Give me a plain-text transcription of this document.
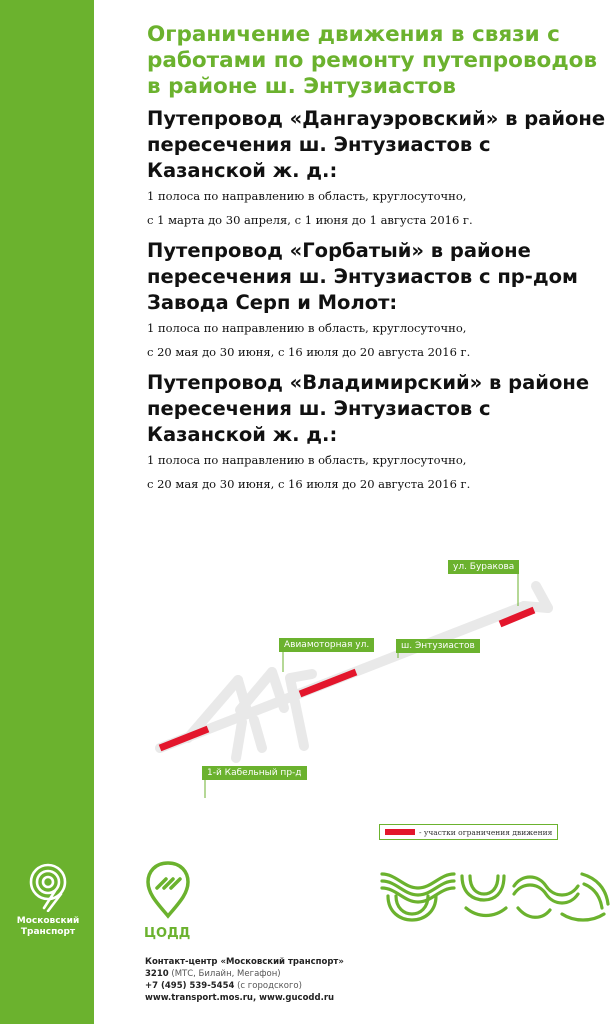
Ограничение движения в связи с работами по ремонту путепроводов в районе ш. Энтузиастов
Путепровод «Дангауэровский» в районе пересечения ш. Энтузиастов с Казанской ж. д.:

1 полоса по направлению в область, круглосуточно,

с 1 марта до 30 апреля, с 1 июня до 1 августа 2016 г.

Путепровод «Горбатый» в районе пересечения ш. Энтузиастов с пр-дом Завода Серп и Молот:

1 полоса по направлению в область, круглосуточно,

с 20 мая до 30 июня, с 16 июля до 20 августа 2016 г.

Путепровод «Владимирский» в районе пересечения ш. Энтузиастов с Казанской ж. д.:

1 полоса по направлению в область, круглосуточно,

с 20 мая до 30 июня, с 16 июля до 20 августа 2016 г.

ул. Буракова
Авиамоторная ул.	ш. Энтузиастов
1-й Кабельный пр-д
- участки ограничения движения
Московский
Транспорт	ЦОДД
Контакт-центр «Московский транспорт»
3210 (МТС, Билайн, Мегафон)
+7 (495) 539-5454 (с городского)
www.transport.mos.ru, www.gucodd.ru
